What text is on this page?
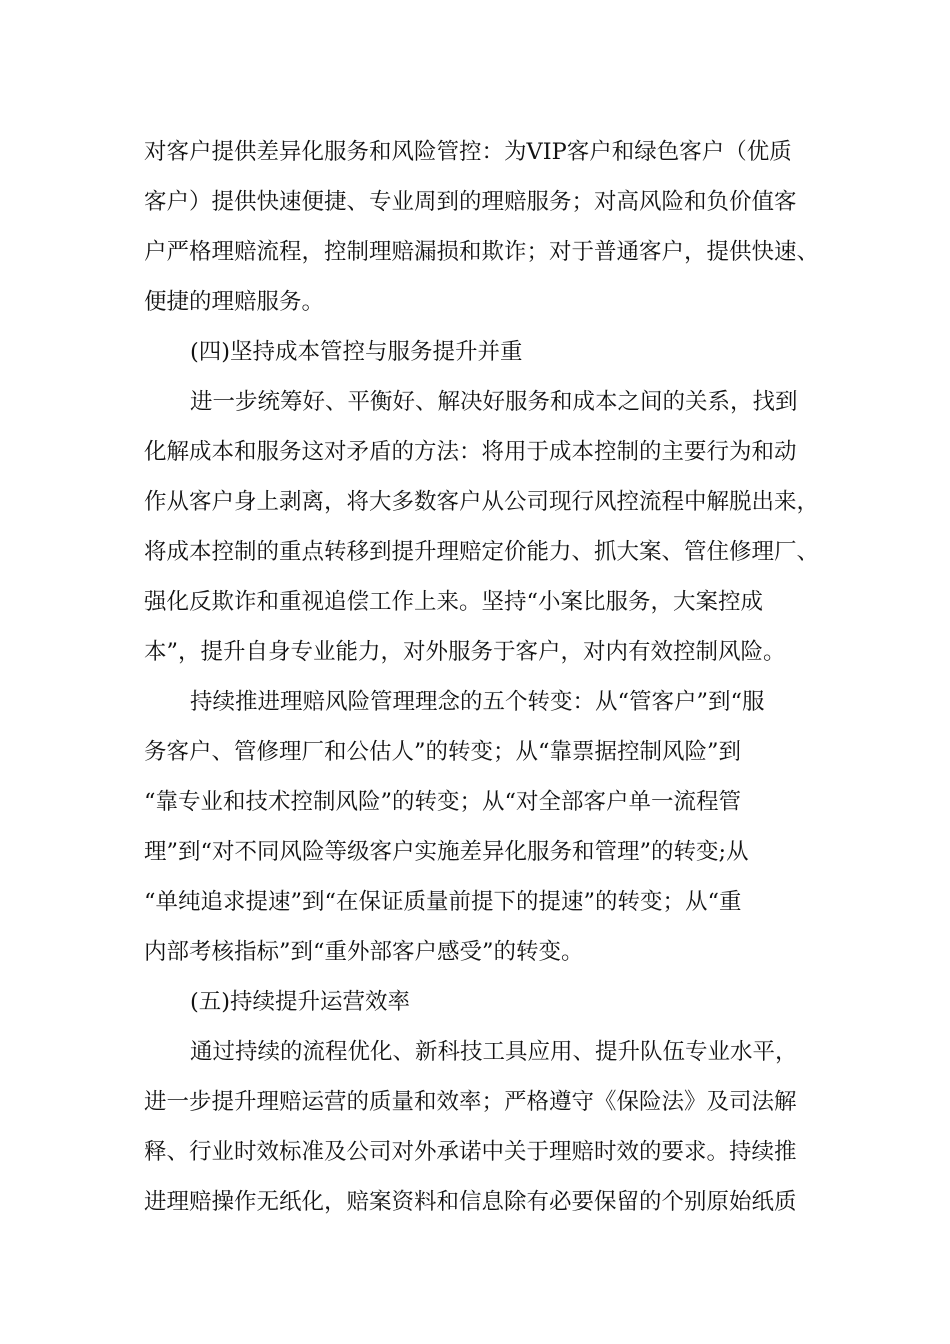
对客户提供差异化服务和风险管控：为VIP客户和绿色客户（优质
客户）提供快速便捷、专业周到的理赔服务；对高风险和负价值客
户严格理赔流程，控制理赔漏损和欺诈；对于普通客户，提供快速、
便捷的理赔服务。
(四)坚持成本管控与服务提升并重
进一步统筹好、平衡好、解决好服务和成本之间的关系，找到
化解成本和服务这对矛盾的方法：将用于成本控制的主要行为和动
作从客户身上剥离，将大多数客户从公司现行风控流程中解脱出来，
将成本控制的重点转移到提升理赔定价能力、抓大案、管住修理厂、
强化反欺诈和重视追偿工作上来。坚持“小案比服务，大案控成
本”，提升自身专业能力，对外服务于客户，对内有效控制风险。
持续推进理赔风险管理理念的五个转变：从“管客户”到“服
务客户、管修理厂和公估人”的转变；从“靠票据控制风险”到
“靠专业和技术控制风险”的转变；从“对全部客户单一流程管
理”到“对不同风险等级客户实施差异化服务和管理”的转变;从
“单纯追求提速”到“在保证质量前提下的提速”的转变；从“重
内部考核指标”到“重外部客户感受”的转变。
(五)持续提升运营效率
通过持续的流程优化、新科技工具应用、提升队伍专业水平，
进一步提升理赔运营的质量和效率；严格遵守《保险法》及司法解
释、行业时效标准及公司对外承诺中关于理赔时效的要求。持续推
进理赔操作无纸化，赔案资料和信息除有必要保留的个别原始纸质
